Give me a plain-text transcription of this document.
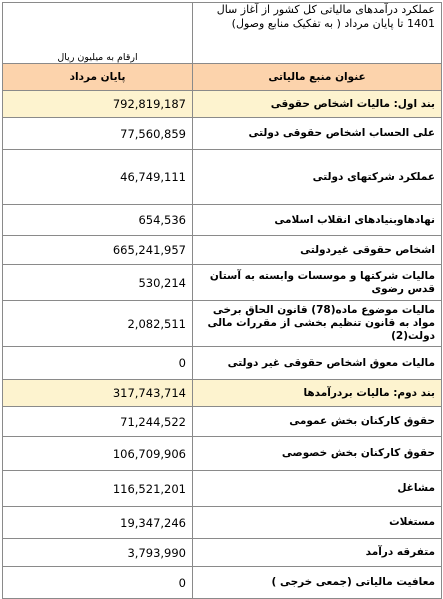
ارقام به میلیون ریال	عملکرد درآمدهای مالیاتی کل کشور از آغاز سال 1401 تا پایان مرداد ( به تفکیک منابع وصول)
پایان مرداد	عنوان منبع مالیاتی
792,819,187	بند اول: مالیات اشخاص حقوقی
77,560,859	علی الحساب اشخاص حقوقی دولتی
46,749,111	عملکرد شرکتهای دولتی
654,536	نهادهاوبنیادهای انقلاب اسلامی
665,241,957	اشخاص حقوقی غیردولتی
530,214	مالیات شرکتها و موسسات وابسته به آستان قدس رضوی
2,082,511	مالیات موضوع ماده(78) قانون الحاق برخی مواد به قانون تنظیم بخشی از مقررات مالی دولت(2)
0	مالیات معوق اشخاص حقوقی غیر دولتی
317,743,714	بند دوم: مالیات بردرآمدها
71,244,522	حقوق کارکنان بخش عمومی
106,709,906	حقوق کارکنان بخش خصوصی
116,521,201	مشاغل
19,347,246	مستغلات
3,793,990	متفرقه درآمد
0	معافیت مالیاتی (جمعی خرجی )
